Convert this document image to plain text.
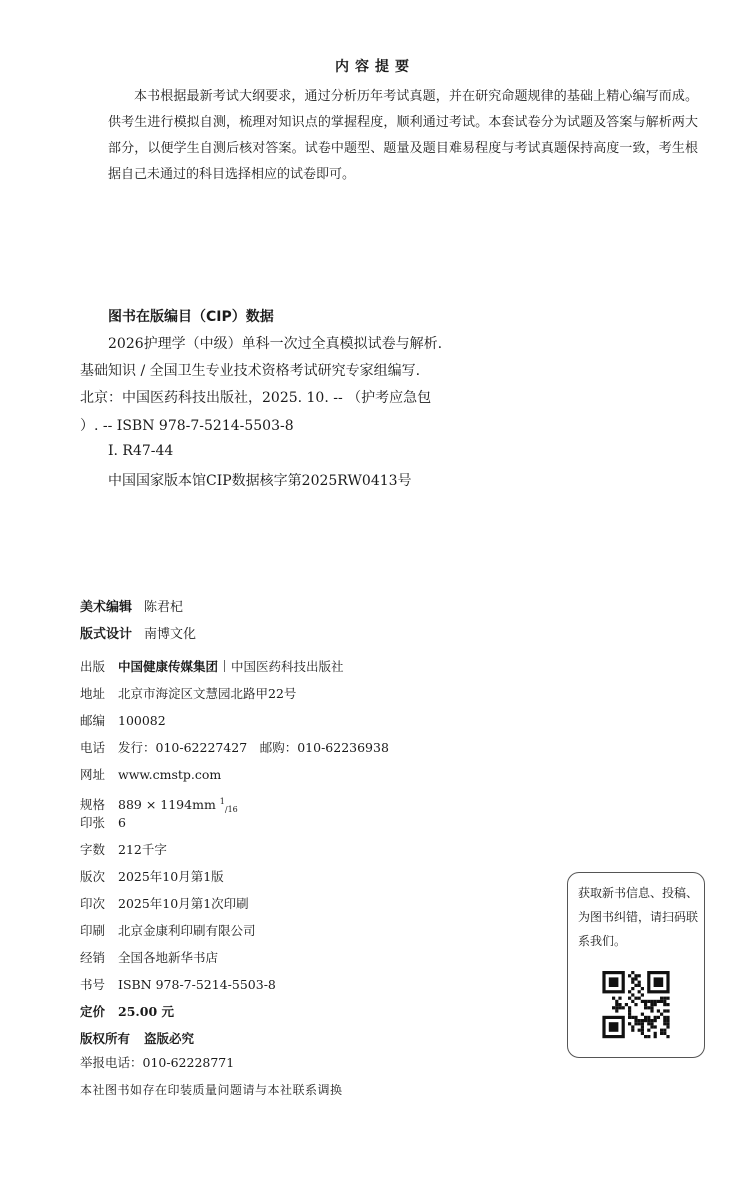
内容提要
本书根据最新考试大纲要求，通过分析历年考试真题，并在研究命题规律的基础上精心编写而成。供考生进行模拟自测，梳理对知识点的掌握程度，顺利通过考试。本套试卷分为试题及答案与解析两大部分，以便学生自测后核对答案。试卷中题型、题量及题目难易程度与考试真题保持高度一致，考生根据自己未通过的科目选择相应的试卷即可。
图书在版编目（CIP）数据
2026护理学（中级）单科一次过全真模拟试卷与解析.
基础知识 / 全国卫生专业技术资格考试研究专家组编写.
北京：中国医药科技出版社，2025. 10. -- （护考应急包
）. -- ISBN 978-7-5214-5503-8
Ⅰ. R47-44
中国国家版本馆CIP数据核字第2025RW0413号
美术编辑 陈君杞
版式设计 南博文化
出版 中国健康传媒集团 中国医药科技出版社
地址 北京市海淀区文慧园北路甲22号
邮编 100082
电话 发行：010-62227427　邮购：010-62236938
网址 www.cmstp.com
规格 889 × 1194mm $^1_{/16}$
印张 6
字数 212千字
版次 2025年10月第1版
印次 2025年10月第1次印刷
印刷 北京金康利印刷有限公司
经销 全国各地新华书店
书号 ISBN 978-7-5214-5503-8
定价 25.00 元
版权所有 盗版必究
举报电话：010-62228771
本社图书如存在印装质量问题请与本社联系调换
获取新书信息、投稿、为图书纠错，请扫码联系我们。
